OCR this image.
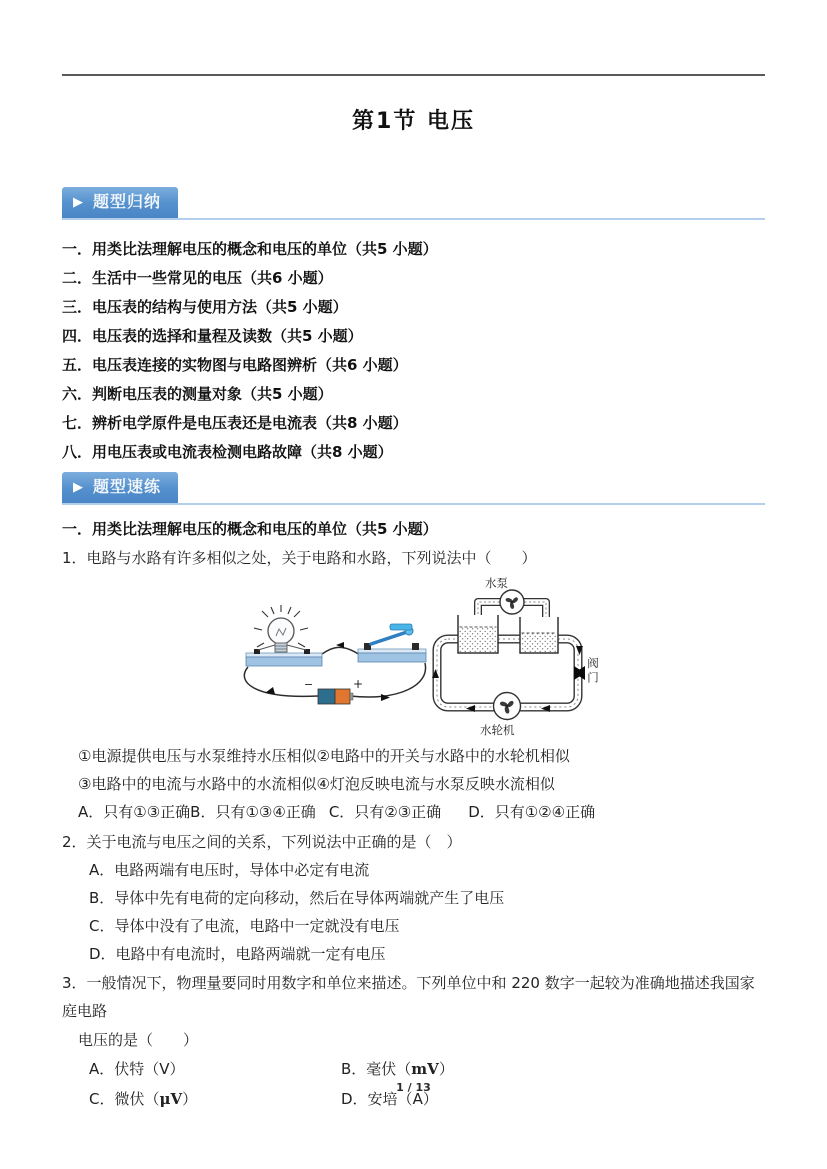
第1节 电压
▶ 题型归纳
一．用类比法理解电压的概念和电压的单位（共5 小题）
二．生活中一些常见的电压（共6 小题）
三．电压表的结构与使用方法（共5 小题）
四．电压表的选择和量程及读数（共5 小题）
五．电压表连接的实物图与电路图辨析（共6 小题）
六．判断电压表的测量对象（共5 小题）
七．辨析电学原件是电压表还是电流表（共8 小题）
八．用电压表或电流表检测电路故障（共8 小题）
▶ 题型速练
一．用类比法理解电压的概念和电压的单位（共5 小题）
1．电路与水路有许多相似之处，关于电路和水路，下列说法中（　　）
水泵
阀门
水轮机
−	+
①电源提供电压与水泵维持水压相似②电路中的开关与水路中的水轮机相似
③电路中的电流与水路中的水流相似④灯泡反映电流与水泵反映水流相似
A．只有①③正确 B．只有①③④正确 C．只有②③正确 D．只有①②④正确
2．关于电流与电压之间的关系，下列说法中正确的是（　）
A．电路两端有电压时，导体中必定有电流
B．导体中先有电荷的定向移动，然后在导体两端就产生了电压
C．导体中没有了电流，电路中一定就没有电压
D．电路中有电流时，电路两端就一定有电压
3．一般情况下，物理量要同时用数字和单位来描述。下列单位中和 220 数字一起较为准确地描述我国家庭电路
电压的是（　　）
A．伏特（V）	B．毫伏（mV）
C．微伏（μV）	D．安培（A）
1 / 13
